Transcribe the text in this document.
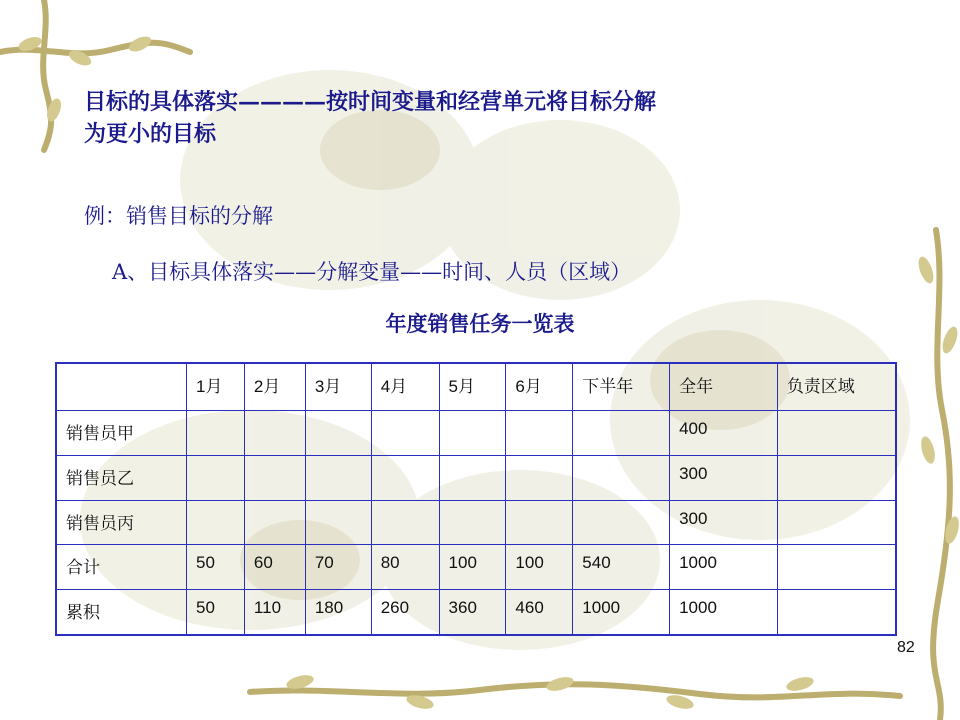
目标的具体落实————按时间变量和经营单元将目标分解
为更小的目标
例：销售目标的分解
A、目标具体落实——分解变量——时间、人员（区域）
年度销售任务一览表
	1月	2月	3月	4月	5月	6月	下半年	全年	负责区域
销售员甲								400	
销售员乙								300	
销售员丙								300	
合计	50	60	70	80	100	100	540	1000	
累积	50	110	180	260	360	460	1000	1000	
82
